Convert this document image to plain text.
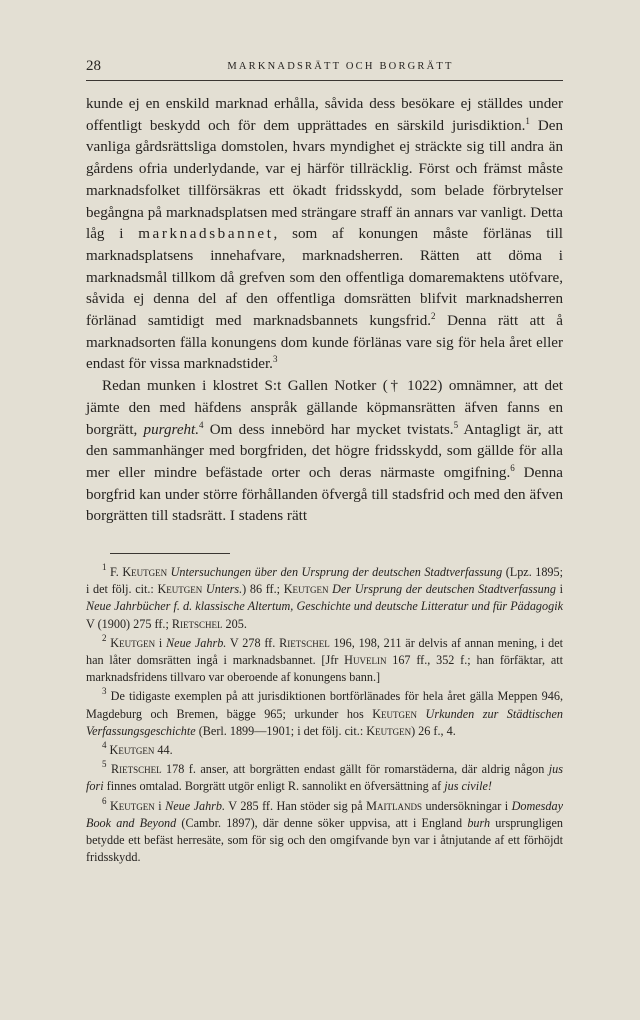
28	MARKNADSRÄTT OCH BORGRÄTT

kunde ej en enskild marknad erhålla, såvida dess besökare ej ställdes under offentligt beskydd och för dem upprättades en särskild jurisdiktion.$^1$ Den vanliga gårdsrättsliga domstolen, hvars myndighet ej sträckte sig till andra än gårdens ofria underlydande, var ej härför tillräcklig. Först och främst måste marknadsfolket tillförsäkras ett ökadt fridsskydd, som belade förbrytelser begångna på marknadsplatsen med strängare straff än annars var vanligt. Detta låg i marknadsbannet, som af konungen måste förlänas till marknadsplatsens innehafvare, marknadsherren. Rätten att döma i marknadsmål tillkom då grefven som den offentliga domaremaktens utöfvare, såvida ej denna del af den offentliga domsrätten blifvit marknadsherren förlänad samtidigt med marknadsbannets kungsfrid.$^2$ Denna rätt att å marknadsorten fälla konungens dom kunde förlänas vare sig för hela året eller endast för vissa marknadstider.$^3$

Redan munken i klostret S:t Gallen Notker († 1022) omnämner, att det jämte den med häfdens anspråk gällande köpmansrätten äfven fanns en borgrätt, purgreht.$^4$ Om dess innebörd har mycket tvistats.$^5$ Antagligt är, att den sammanhänger med borgfriden, det högre fridsskydd, som gällde för alla mer eller mindre befästade orter och deras närmaste omgifning.$^6$ Denna borgfrid kan under större förhållanden öfvergå till stadsfrid och med den äfven borgrätten till stadsrätt. I stadens rätt

$^1$ F. Keutgen Untersuchungen über den Ursprung der deutschen Stadtverfassung (Lpz. 1895; i det följ. cit.: Keutgen Unters.) 86 ff.; Keutgen Der Ursprung der deutschen Stadtverfassung i Neue Jahrbücher f. d. klassische Altertum, Geschichte und deutsche Litteratur und für Pädagogik V (1900) 275 ff.; Rietschel 205.

$^2$ Keutgen i Neue Jahrb. V 278 ff. Rietschel 196, 198, 211 är delvis af annan mening, i det han låter domsrätten ingå i marknadsbannet. [Jfr Huvelin 167 ff., 352 f.; han förfäktar, att marknadsfridens tillvaro var oberoende af konungens bann.]

$^3$ De tidigaste exemplen på att jurisdiktionen bortförlänades för hela året gälla Meppen 946, Magdeburg och Bremen, bägge 965; urkunder hos Keutgen Urkunden zur Städtischen Verfassungsgeschichte (Berl. 1899—1901; i det följ. cit.: Keutgen) 26 f., 4.

$^4$ Keutgen 44.

$^5$ Rietschel 178 f. anser, att borgrätten endast gällt för romarstäderna, där aldrig någon jus fori finnes omtalad. Borgrätt utgör enligt R. sannolikt en öfversättning af jus civile!

$^6$ Keutgen i Neue Jahrb. V 285 ff. Han stöder sig på Maitlands undersökningar i Domesday Book and Beyond (Cambr. 1897), där denne söker uppvisa, att i England burh ursprungligen betydde ett befäst herresäte, som för sig och den omgifvande byn var i åtnjutande af ett förhöjdt fridsskydd.
